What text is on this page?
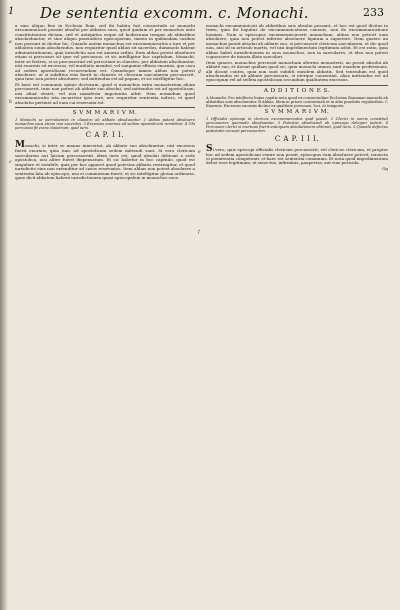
1 De sententia excomm. c. Monachi.	233
a
b
c
d
e
f

a sine aliquo fine in Ecclesia Rom. sed ibi habita fuit consuetudo ut monachi excommunicati possint absolui per abbates suos, quod quidam et per monachos ante constitutionem dictam, sed et antiquitus usque ad hodiernum tempus ab abbatibus absoluebantur, et sine aliquo praeiudicio episcoporum, tamen in quibusdam casibus non possunt ut dicitur hic. Quando autem monachus est excommunicatus a iure et per abbatem suum absoluendus, non requiritur quod abbas sit sacerdos, dummodo habeat administrationem, quia iurisdictio non est annexa ordini. Item abbas potest absoluere etiam si percussor sit ipse vel percussus, et sic intelligitur hoc capitulum. Monachi, inter se fratres, si se percusserint vel percutiant in claustro, per abbatem absoluuntur, nisi enormis sit excessus, vel mutilatio membri, vel sanguinis effusio enormis, quo casu ad sedem apostolicam recurrendum est. Quandoque tamen abbas non potest absoluere, ut si subditus eius fuerit in claustro et clericum saecularem percusserit, quia tunc non potest absoluere, sed mittendus est ad papam, et sic intelligitur hoc.

Et haec est communis opinio doctorum, quod si monachus extra monasterium alium percusserit, tunc non potest ab abbate suo absolui, sed mittendus est ad apostolicum, nisi aliud obstet, vel nisi manifesta impotentia adsit. Item notandum quod excommunicatio ista incurritur ipso iure, nec requiritur sententia iudicis, et quod absolutio pertinet ad eum cui reseruata est.

S V M M A R I V M.

1 Monachi se percutientes in claustro ab abbate absoluuntur. 2 Abbas potest absoluere monachos suos etiam non sacerdos. 3 Excessus enormis ad sedem apostolicam remittitur. 4 Ubi percussio fit extra claustrum, quid iuris.

C A P. I I.

Monachi, si inter se manus iniecerint, ab abbate suo absoluuntur, nisi excessus fuerit enormis, quia tunc ad apostolicam sedem mittendi sunt. Si vero clericum saecularem aut laicum percusserint, idem iuris est, quod absolui debeant a sede apostolica, nisi aliter fuerit dispensatum. Et sic habetur in hoc capitulo, quod est singulare et notabile, quia per hoc apparet quod potestas abbatis restringitur, et quod iurisdictio eius non extenditur ad casus reseruatos. Item abbas non potest absoluere a sententia lata ab episcopo, nisi ei commissum fuerit, et sic intelligitur glossa ordinaria, quae dicit abbatem habere iurisdictionem quasi episcopalem in monachos suos.

monachi excommunicati ab abbatibus suis absolui possunt, et hoc est quod dicitur in textu, quia ibi loquitur de excommunicatione canonis, non de excommunicatione hominis. Nam si episcopus excommunicaverit monachum, abbas non poterit eum absoluere, quia non potest inferior absoluere ligatum a superiore. Item quaero an monachus possit absolui ab abbate suo, si percusserit clericum saecularem, et dic quod non, nisi sit in articulo mortis, vel nisi impedimentum legitimum adsit. Et est ratio, quia abbas habet iurisdictionem in suos monachos, non in saeculares, et ideo non potest cognoscere de iniuria illata saeculari.

Item quaero, monachus percussit monachum alterius monasterii, an possit absolui ab abbate suo, et dicunt quidam quod sic, quia monachi omnes sunt eiusdem professionis, alii dicunt contra, quia non sunt subditi eiusdem abbatis. Sed tenendum est quod absoluendus sit ab abbate percussoris, si uterque consentiat, alias mittendus est ad episcopum vel ad sedem apostolicam secundum qualitatem excessus.

A D D I T I O N E S.

A Monachi. Pro intellectu huius capitis nota quod ex consuetudine Ecclesiae Romanae monachi ab abbatibus suis absoluuntur. B Abbas. Idem in priore conventuali et in aliis praelatis regularibus. C Enormis. Excessus enormis dicitur ex qualitate personae, loci, et temporis.

S V M M A R I V M.

1 Officialis episcopi in clericos excommunicatos quid possit. 2 Clerici in sacris constituti percussores quomodo absoluantur. 3 Potestas absoluendi ab episcopo delegari potest. 4 Percussor clerici si mortuus fuerit antequam absolutionem obtinuit, quid iuris. 5 Quando defectus potestatis excuset percussorem.

C A P. I I I.

Si vero, quis episcopi officialis clericum percusserit, vel clericus clericum, et propter hoc ad sedem apostolicam venire non possit, episcopus eum absoluere poterit, iniuncta ei poenitentia competenti, et haec est sententia communis. Et nota quod impedimentum debet esse legitimum, ut senectus, infirmitas, paupertas, aut viae pericula.

Gg
